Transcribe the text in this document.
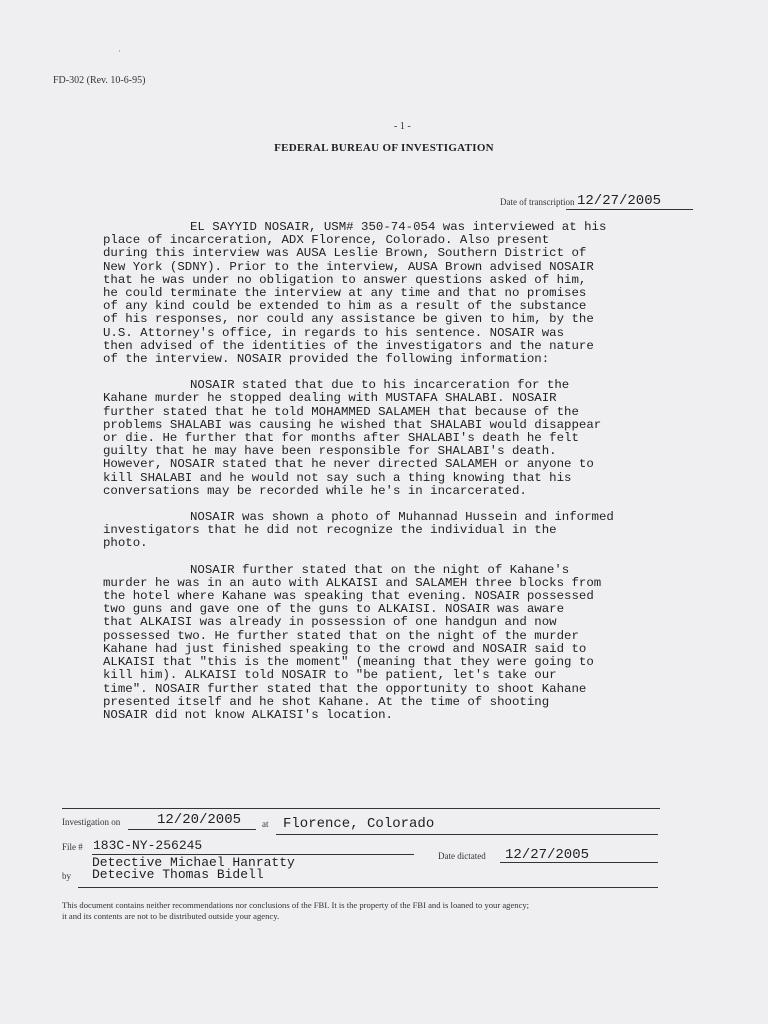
·
FD-302 (Rev. 10-6-95)
- 1 -
FEDERAL BUREAU OF INVESTIGATION
Date of transcription 12/27/2005

EL SAYYID NOSAIR, USM# 350-74-054 was interviewed at his
place of incarceration, ADX Florence, Colorado. Also present
during this interview was AUSA Leslie Brown, Southern District of
New York (SDNY). Prior to the interview, AUSA Brown advised NOSAIR
that he was under no obligation to answer questions asked of him,
he could terminate the interview at any time and that no promises
of any kind could be extended to him as a result of the substance
of his responses, nor could any assistance be given to him, by the
U.S. Attorney's office, in regards to his sentence. NOSAIR was
then advised of the identities of the investigators and the nature
of the interview. NOSAIR provided the following information:

NOSAIR stated that due to his incarceration for the
Kahane murder he stopped dealing with MUSTAFA SHALABI. NOSAIR
further stated that he told MOHAMMED SALAMEH that because of the
problems SHALABI was causing he wished that SHALABI would disappear
or die. He further that for months after SHALABI's death he felt
guilty that he may have been responsible for SHALABI's death.
However, NOSAIR stated that he never directed SALAMEH or anyone to
kill SHALABI and he would not say such a thing knowing that his
conversations may be recorded while he's in incarcerated.

NOSAIR was shown a photo of Muhannad Hussein and informed
investigators that he did not recognize the individual in the
photo.

NOSAIR further stated that on the night of Kahane's
murder he was in an auto with ALKAISI and SALAMEH three blocks from
the hotel where Kahane was speaking that evening. NOSAIR possessed
two guns and gave one of the guns to ALKAISI. NOSAIR was aware
that ALKAISI was already in possession of one handgun and now
possessed two. He further stated that on the night of the murder
Kahane had just finished speaking to the crowd and NOSAIR said to
ALKAISI that "this is the moment" (meaning that they were going to
kill him). ALKAISI told NOSAIR to "be patient, let's take our
time". NOSAIR further stated that the opportunity to shoot Kahane
presented itself and he shot Kahane. At the time of shooting
NOSAIR did not know ALKAISI's location.

Investigation on	12/20/2005 at Florence, Colorado
File # 183C-NY-256245
Date dictated 12/27/2005
Detective Michael Hanratty
by Detecive Thomas Bidell
This document contains neither recommendations nor conclusions of the FBI. It is the property of the FBI and is loaned to your agency;
it and its contents are not to be distributed outside your agency.
